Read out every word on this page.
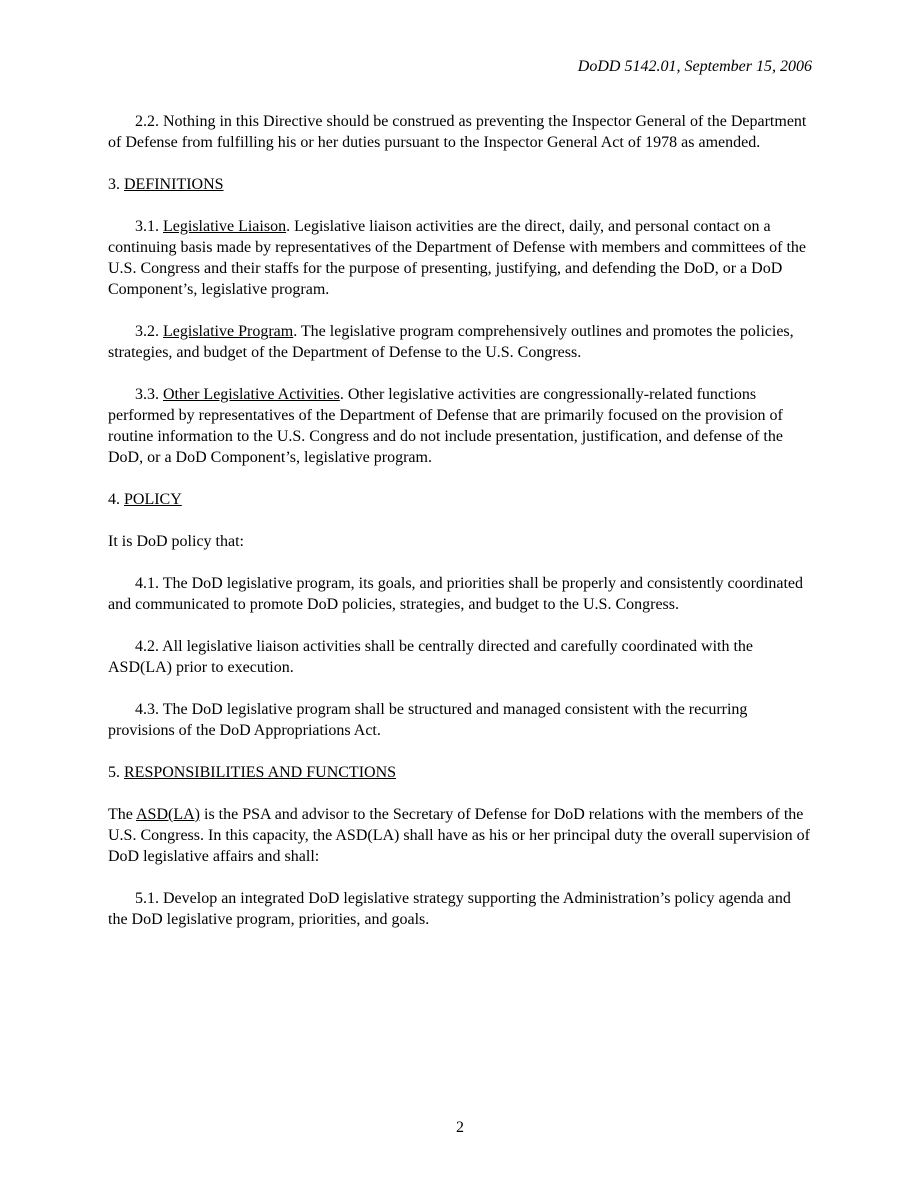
DoDD 5142.01, September 15, 2006

2.2. Nothing in this Directive should be construed as preventing the Inspector General of the Department of Defense from fulfilling his or her duties pursuant to the Inspector General Act of 1978 as amended.

3. DEFINITIONS

3.1. Legislative Liaison. Legislative liaison activities are the direct, daily, and personal contact on a continuing basis made by representatives of the Department of Defense with members and committees of the U.S. Congress and their staffs for the purpose of presenting, justifying, and defending the DoD, or a DoD Component’s, legislative program.

3.2. Legislative Program. The legislative program comprehensively outlines and promotes the policies, strategies, and budget of the Department of Defense to the U.S. Congress.

3.3. Other Legislative Activities. Other legislative activities are congressionally-related functions performed by representatives of the Department of Defense that are primarily focused on the provision of routine information to the U.S. Congress and do not include presentation, justification, and defense of the DoD, or a DoD Component’s, legislative program.

4. POLICY

It is DoD policy that:

4.1. The DoD legislative program, its goals, and priorities shall be properly and consistently coordinated and communicated to promote DoD policies, strategies, and budget to the U.S. Congress.

4.2. All legislative liaison activities shall be centrally directed and carefully coordinated with the ASD(LA) prior to execution.

4.3. The DoD legislative program shall be structured and managed consistent with the recurring provisions of the DoD Appropriations Act.

5. RESPONSIBILITIES AND FUNCTIONS

The ASD(LA) is the PSA and advisor to the Secretary of Defense for DoD relations with the members of the U.S. Congress. In this capacity, the ASD(LA) shall have as his or her principal duty the overall supervision of DoD legislative affairs and shall:

5.1. Develop an integrated DoD legislative strategy supporting the Administration’s policy agenda and the DoD legislative program, priorities, and goals.

2
